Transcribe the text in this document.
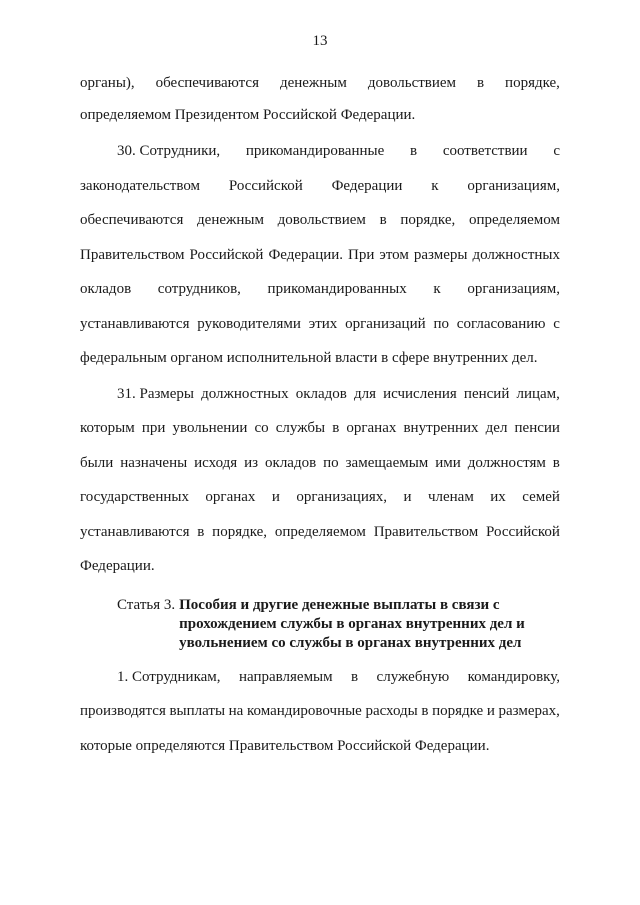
13
органы), обеспечиваются денежным довольствием в порядке,
определяемом Президентом Российской Федерации.
30. Сотрудники, прикомандированные в соответствии с
законодательством Российской Федерации к организациям,
обеспечиваются денежным довольствием в порядке, определяемом
Правительством Российской Федерации. При этом размеры должностных
окладов сотрудников, прикомандированных к организациям,
устанавливаются руководителями этих организаций по согласованию с
федеральным органом исполнительной власти в сфере внутренних дел.
31. Размеры должностных окладов для исчисления пенсий лицам,
которым при увольнении со службы в органах внутренних дел пенсии
были назначены исходя из окладов по замещаемым ими должностям в
государственных органах и организациях, и членам их семей
устанавливаются в порядке, определяемом Правительством Российской
Федерации.
Статья 3. Пособия и другие денежные выплаты в связи с
прохождением службы в органах внутренних дел и
увольнением со службы в органах внутренних дел
1. Сотрудникам, направляемым в служебную командировку,
производятся выплаты на командировочные расходы в порядке и размерах,
которые определяются Правительством Российской Федерации.
